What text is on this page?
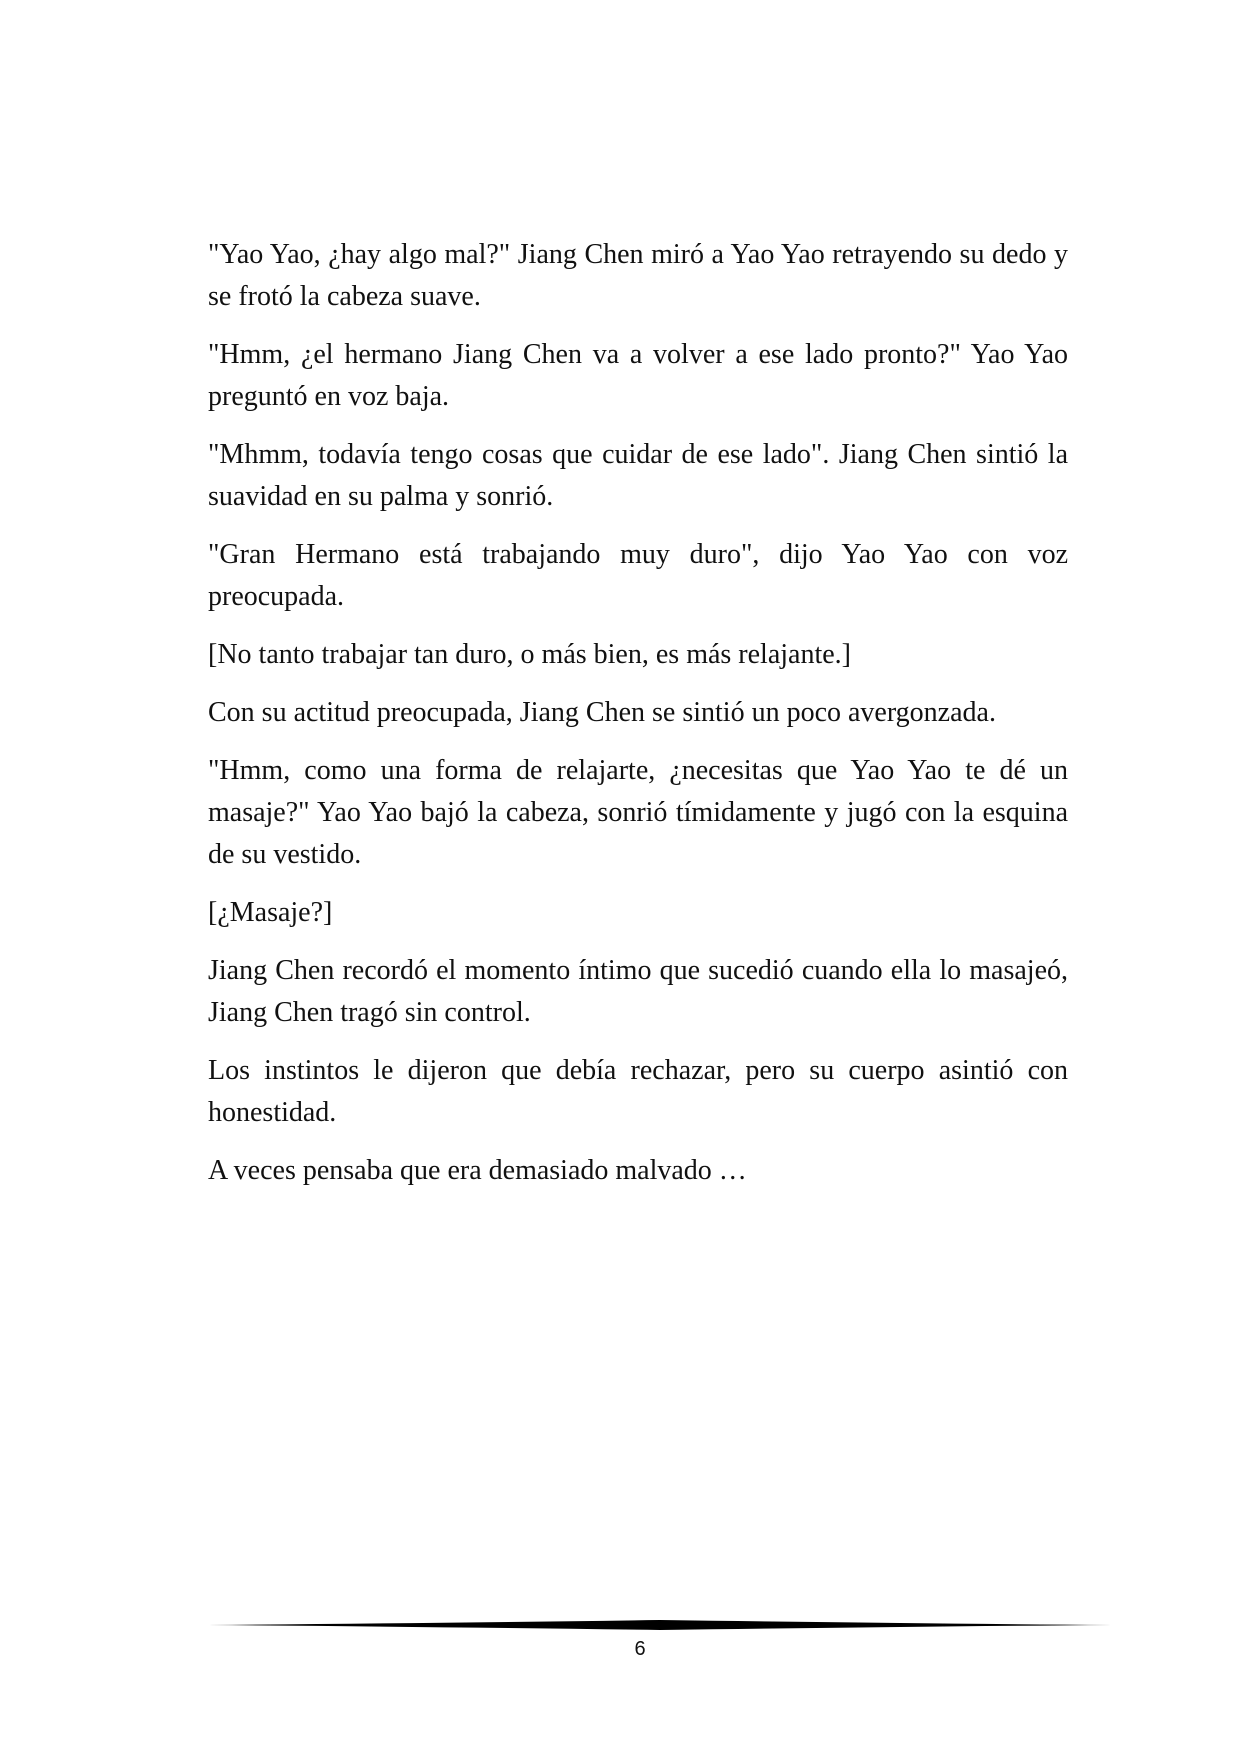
"Yao Yao, ¿hay algo mal?" Jiang Chen miró a Yao Yao retrayendo su dedo y se frotó la cabeza suave.

"Hmm, ¿el hermano Jiang Chen va a volver a ese lado pronto?" Yao Yao preguntó en voz baja.

"Mhmm, todavía tengo cosas que cuidar de ese lado". Jiang Chen sintió la suavidad en su palma y sonrió.

"Gran Hermano está trabajando muy duro", dijo Yao Yao con voz preocupada.

[No tanto trabajar tan duro, o más bien, es más relajante.]

Con su actitud preocupada, Jiang Chen se sintió un poco avergonzada.

"Hmm, como una forma de relajarte, ¿necesitas que Yao Yao te dé un masaje?" Yao Yao bajó la cabeza, sonrió tímidamente y jugó con la esquina de su vestido.

[¿Masaje?]

Jiang Chen recordó el momento íntimo que sucedió cuando ella lo masajeó, Jiang Chen tragó sin control.

Los instintos le dijeron que debía rechazar, pero su cuerpo asintió con honestidad.

A veces pensaba que era demasiado malvado …

6
